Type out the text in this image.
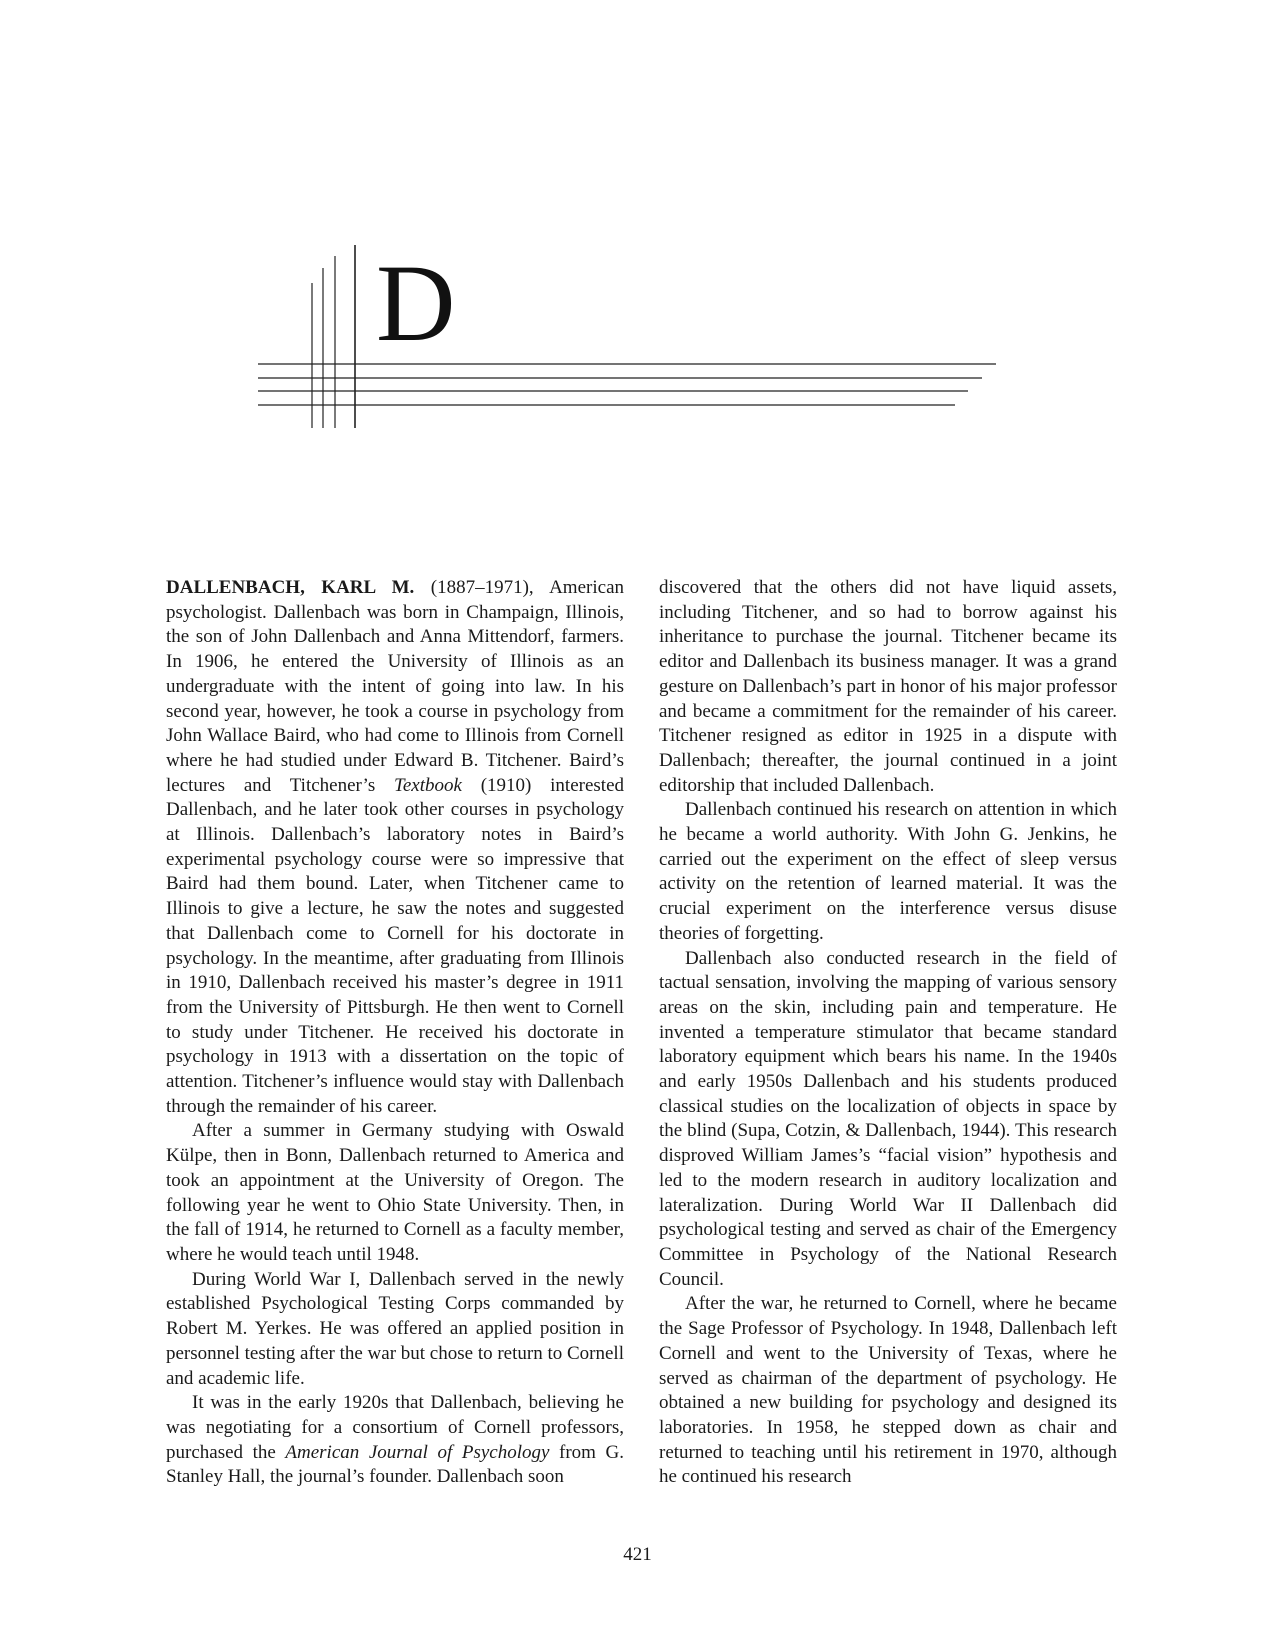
D

DALLENBACH, KARL M. (1887–1971), American psychologist. Dallenbach was born in Champaign, Illinois, the son of John Dallenbach and Anna Mittendorf, farmers. In 1906, he entered the University of Illinois as an undergraduate with the intent of going into law. In his second year, however, he took a course in psychology from John Wallace Baird, who had come to Illinois from Cornell where he had studied under Edward B. Titchener. Baird’s lectures and Titchener’s Textbook (1910) interested Dallenbach, and he later took other courses in psychology at Illinois. Dallenbach’s laboratory notes in Baird’s experimental psychology course were so impressive that Baird had them bound. Later, when Titchener came to Illinois to give a lecture, he saw the notes and suggested that Dallenbach come to Cornell for his doctorate in psychology. In the meantime, after graduating from Illinois in 1910, Dallenbach received his master’s degree in 1911 from the University of Pittsburgh. He then went to Cornell to study under Titchener. He received his doctorate in psychology in 1913 with a dissertation on the topic of attention. Titchener’s influence would stay with Dallenbach through the remainder of his career.

After a summer in Germany studying with Oswald Külpe, then in Bonn, Dallenbach returned to America and took an appointment at the University of Oregon. The following year he went to Ohio State University. Then, in the fall of 1914, he returned to Cornell as a faculty member, where he would teach until 1948.

During World War I, Dallenbach served in the newly established Psychological Testing Corps commanded by Robert M. Yerkes. He was offered an applied position in personnel testing after the war but chose to return to Cornell and academic life.

It was in the early 1920s that Dallenbach, believing he was negotiating for a consortium of Cornell professors, purchased the American Journal of Psychology from G. Stanley Hall, the journal’s founder. Dallenbach soon

discovered that the others did not have liquid assets, including Titchener, and so had to borrow against his inheritance to purchase the journal. Titchener became its editor and Dallenbach its business manager. It was a grand gesture on Dallenbach’s part in honor of his major professor and became a commitment for the remainder of his career. Titchener resigned as editor in 1925 in a dispute with Dallenbach; thereafter, the journal continued in a joint editorship that included Dallenbach.

Dallenbach continued his research on attention in which he became a world authority. With John G. Jenkins, he carried out the experiment on the effect of sleep versus activity on the retention of learned material. It was the crucial experiment on the interference versus disuse theories of forgetting.

Dallenbach also conducted research in the field of tactual sensation, involving the mapping of various sensory areas on the skin, including pain and temperature. He invented a temperature stimulator that became standard laboratory equipment which bears his name. In the 1940s and early 1950s Dallenbach and his students produced classical studies on the localization of objects in space by the blind (Supa, Cotzin, & Dallenbach, 1944). This research disproved William James’s “facial vision” hypothesis and led to the modern research in auditory localization and lateralization. During World War II Dallenbach did psychological testing and served as chair of the Emergency Committee in Psychology of the National Research Council.

After the war, he returned to Cornell, where he became the Sage Professor of Psychology. In 1948, Dallenbach left Cornell and went to the University of Texas, where he served as chairman of the department of psychology. He obtained a new building for psychology and designed its laboratories. In 1958, he stepped down as chair and returned to teaching until his retirement in 1970, although he continued his research

421
